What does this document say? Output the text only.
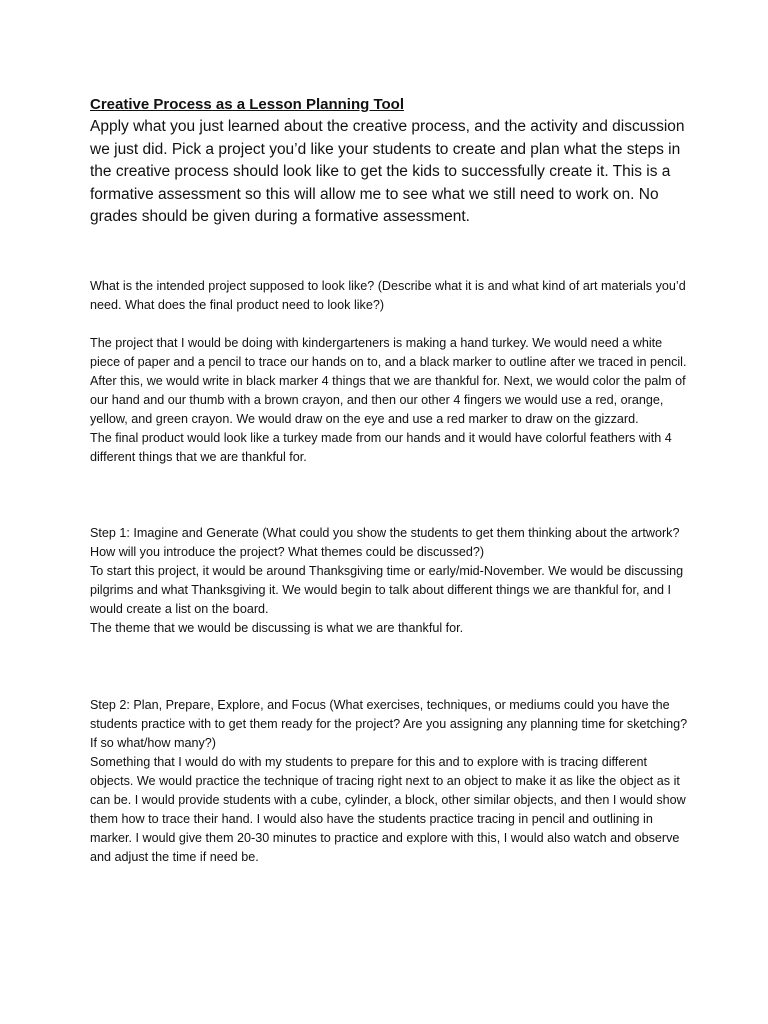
Creative Process as a Lesson Planning Tool

Apply what you just learned about the creative process, and the activity and discussion we just did. Pick a project you’d like your students to create and plan what the steps in the creative process should look like to get the kids to successfully create it. This is a formative assessment so this will allow me to see what we still need to work on. No grades should be given during a formative assessment.

What is the intended project supposed to look like? (Describe what it is and what kind of art materials you’d need. What does the final product need to look like?)

The project that I would be doing with kindergarteners is making a hand turkey. We would need a white piece of paper and a pencil to trace our hands on to, and a black marker to outline after we traced in pencil. After this, we would write in black marker 4 things that we are thankful for. Next, we would color the palm of our hand and our thumb with a brown crayon, and then our other 4 fingers we would use a red, orange, yellow, and green crayon. We would draw on the eye and use a red marker to draw on the gizzard.

The final product would look like a turkey made from our hands and it would have colorful feathers with 4 different things that we are thankful for.

Step 1: Imagine and Generate (What could you show the students to get them thinking about the artwork? How will you introduce the project? What themes could be discussed?)

To start this project, it would be around Thanksgiving time or early/mid-November. We would be discussing pilgrims and what Thanksgiving it. We would begin to talk about different things we are thankful for, and I would create a list on the board.

The theme that we would be discussing is what we are thankful for.

Step 2: Plan, Prepare, Explore, and Focus (What exercises, techniques, or mediums could you have the students practice with to get them ready for the project? Are you assigning any planning time for sketching? If so what/how many?)

Something that I would do with my students to prepare for this and to explore with is tracing different objects. We would practice the technique of tracing right next to an object to make it as like the object as it can be. I would provide students with a cube, cylinder, a block, other similar objects, and then I would show them how to trace their hand. I would also have the students practice tracing in pencil and outlining in marker. I would give them 20-30 minutes to practice and explore with this, I would also watch and observe and adjust the time if need be.
